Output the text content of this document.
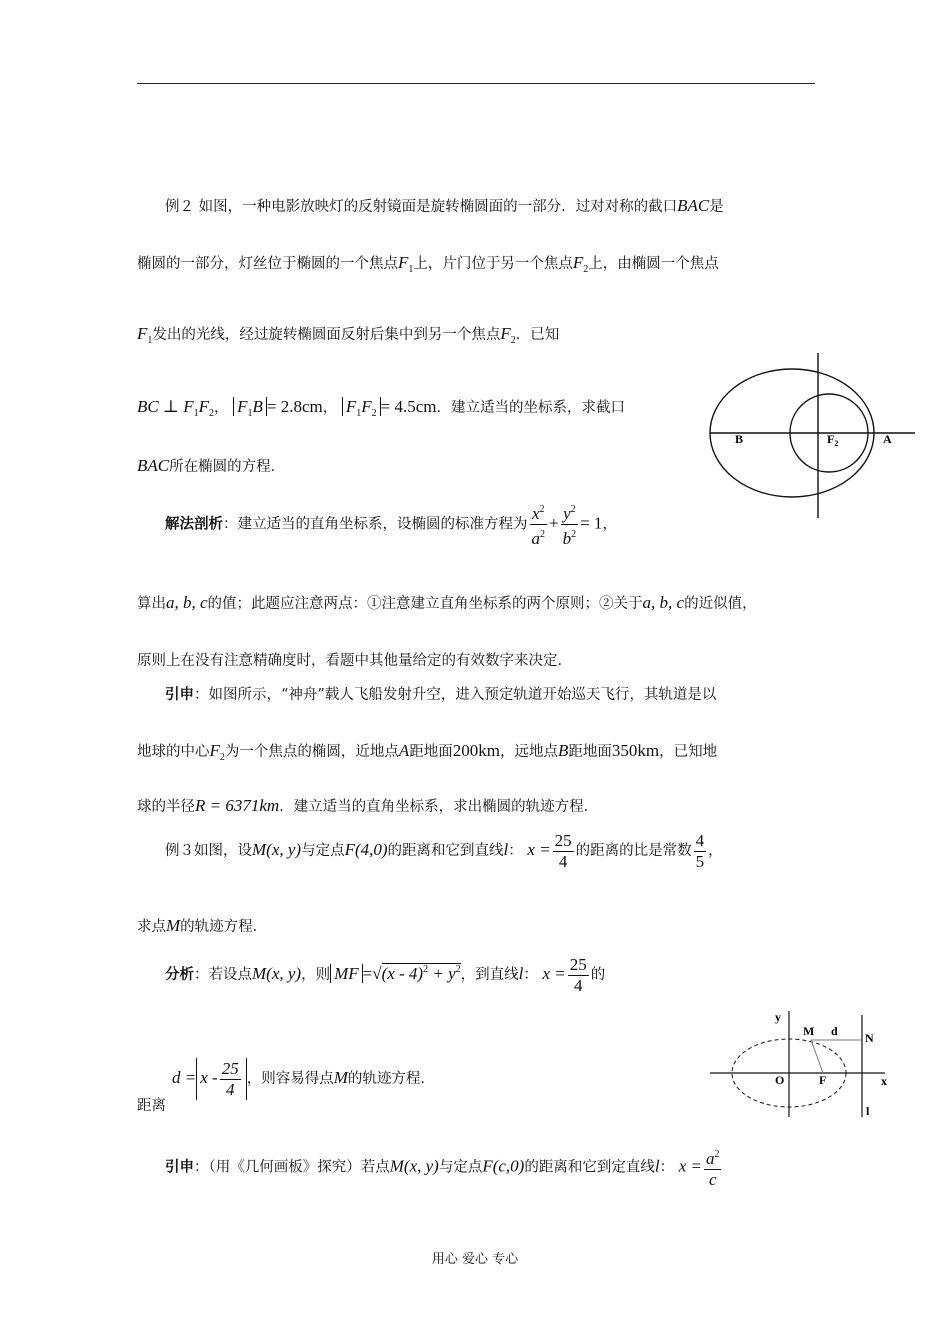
例２ 如图，一种电影放映灯的反射镜面是旋转椭圆面的一部分．过对对称的截口BAC是
椭圆的一部分，灯丝位于椭圆的一个焦点$F_1$上，片门位于另一个焦点$F_2$上，由椭圆一个焦点
$F_1$发出的光线，经过旋转椭圆面反射后集中到另一个焦点$F_2$．已知
BC ⊥ $F_1F_2$， $F_1B = 2.8cm$， $F_1F_2 = 4.5cm$．建立适当的坐标系，求截口
BAC所在椭圆的方程．
B	$F_2$	A
解法剖析：建立适当的直角坐标系，设椭圆的标准方程为 $\frac{x^2}{a^2} + \frac{y^2}{b^2} = 1$，
算出a, b, c的值；此题应注意两点：①注意建立直角坐标系的两个原则；②关于a, b, c的近似值，
原则上在没有注意精确度时，看题中其他量给定的有效数字来决定．
引申：如图所示，“神舟”载人飞船发射升空，进入预定轨道开始巡天飞行，其轨道是以
地球的中心$F_2$为一个焦点的椭圆，近地点A距地面200km，远地点B距地面350km，已知地
球的半径R = 6371km．建立适当的直角坐标系，求出椭圆的轨迹方程．
例３如图，设M(x, y)与定点F(4,0)的距离和它到直线l： $x = \frac{25}{4}$ 的距离的比是常数 $\frac{4}{5}$ ，
求点M的轨迹方程．
分析：若设点M(x, y)，则 MF $=√(x - 4)^2 + y^2$，到直线l： $x = \frac{25}{4}$ 的
距离
$d = x - \frac{25}{4}$ ，则容易得点M的轨迹方程．
y
M d N
O	F	x
l
引申：（用《几何画板》探究）若点M(x, y)与定点F(c,0)的距离和它到定直线l： $x = \frac{a^2}{c}$
用心 爱心 专心
